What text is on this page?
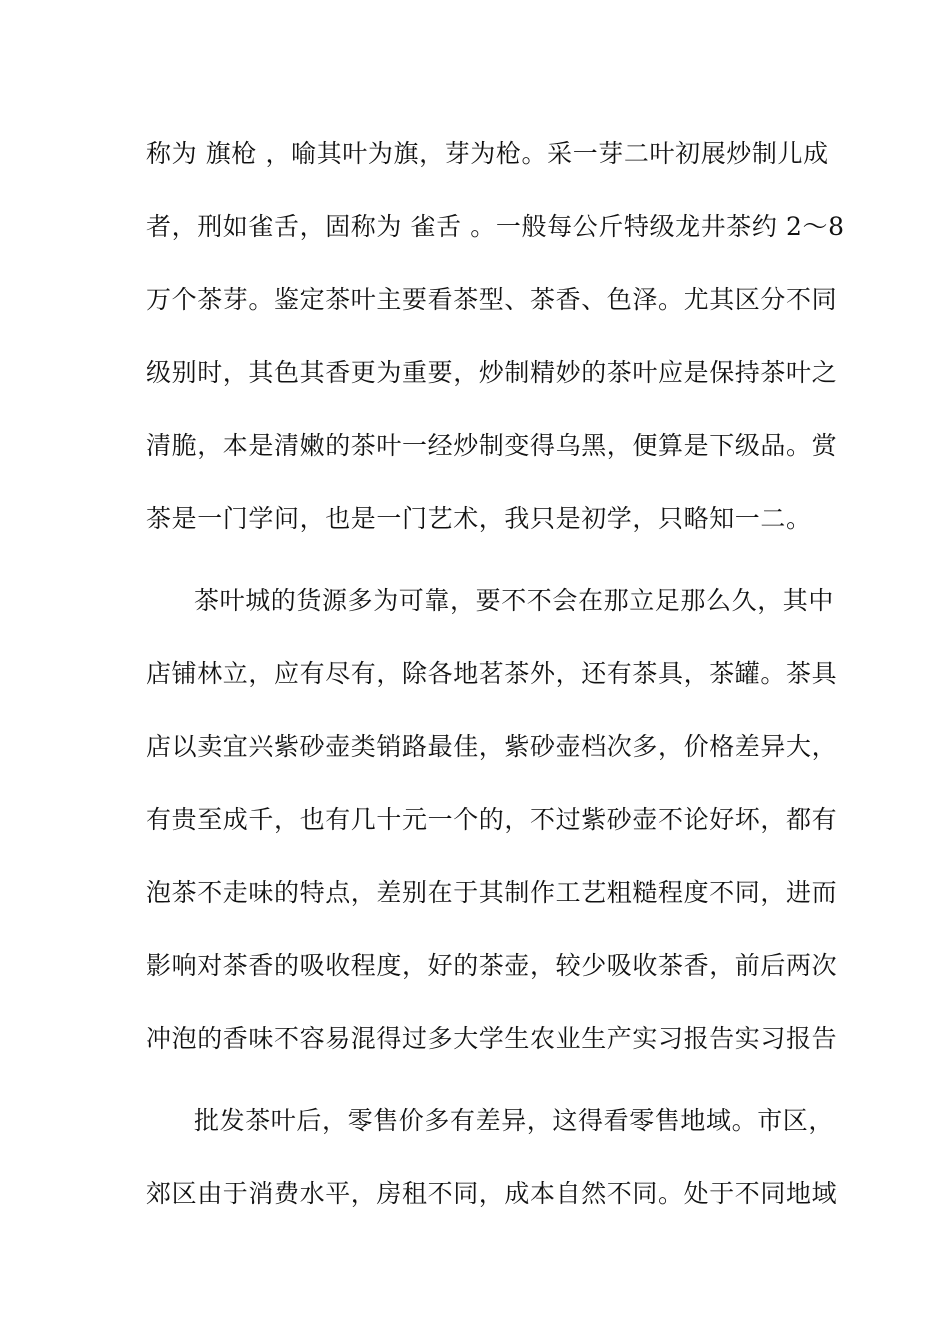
称为 旗枪 ，喻其叶为旗，芽为枪。采一芽二叶初展炒制儿成
者，刑如雀舌，固称为 雀舌 。一般每公斤特级龙井茶约 2～8
万个茶芽。鉴定茶叶主要看茶型、茶香、色泽。尤其区分不同
级别时，其色其香更为重要，炒制精妙的茶叶应是保持茶叶之
清脆，本是清嫩的茶叶一经炒制变得乌黑，便算是下级品。赏
茶是一门学问，也是一门艺术，我只是初学，只略知一二。
茶叶城的货源多为可靠，要不不会在那立足那么久，其中
店铺林立，应有尽有，除各地茗茶外，还有茶具，茶罐。茶具
店以卖宜兴紫砂壶类销路最佳，紫砂壶档次多，价格差异大，
有贵至成千，也有几十元一个的，不过紫砂壶不论好坏，都有
泡茶不走味的特点，差别在于其制作工艺粗糙程度不同，进而
影响对茶香的吸收程度，好的茶壶，较少吸收茶香，前后两次
冲泡的香味不容易混得过多大学生农业生产实习报告实习报告
批发茶叶后，零售价多有差异，这得看零售地域。市区，
郊区由于消费水平，房租不同，成本自然不同。处于不同地域
